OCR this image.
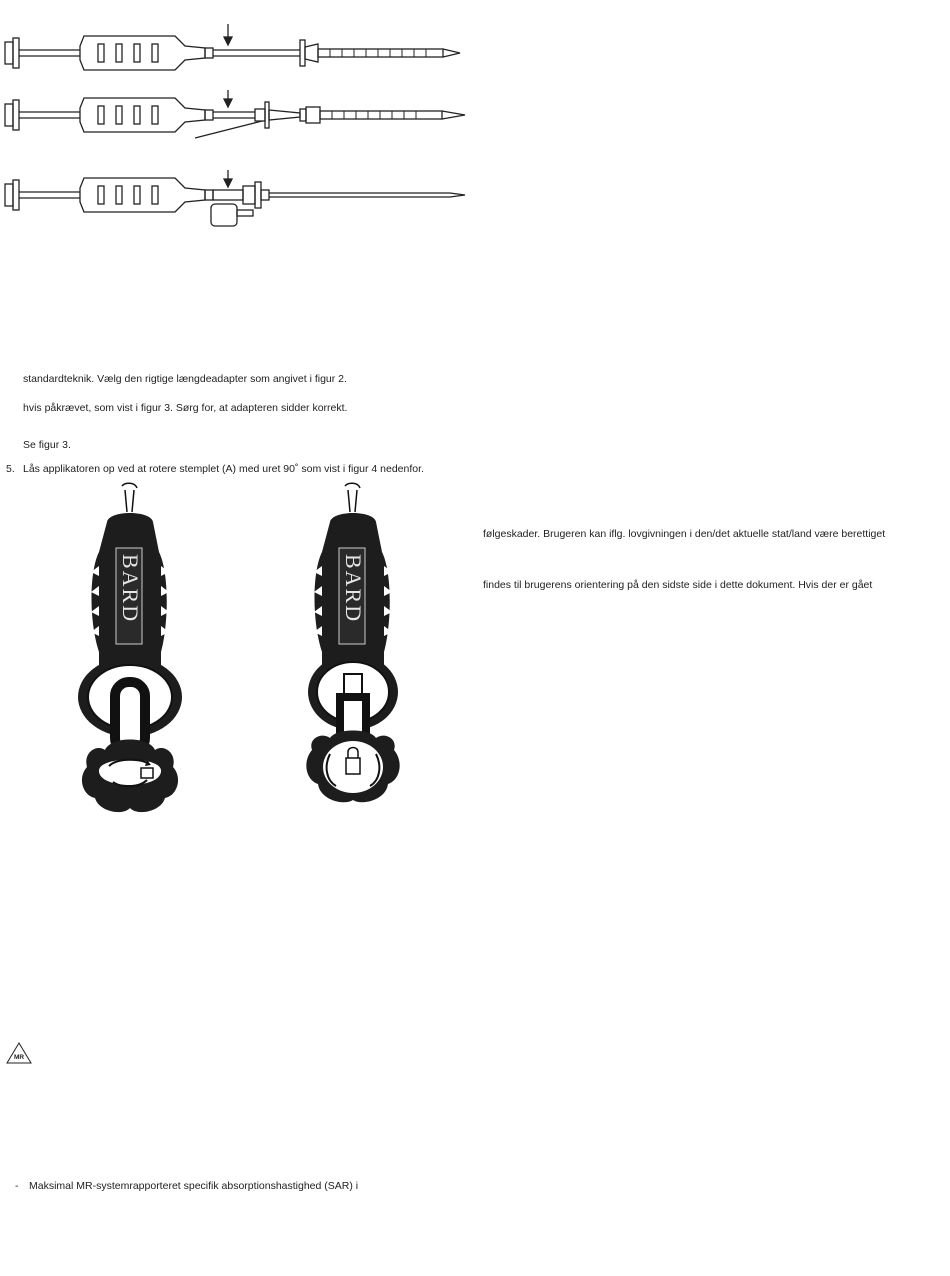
standardteknik. Vælg den rigtige længdeadapter som angivet i figur 2.
hvis påkrævet, som vist i figur 3. Sørg for, at adapteren sidder korrekt.
Se figur 3.
5. Lås applikatoren op ved at rotere stemplet (A) med uret 90˚ som vist i figur 4 nedenfor.
følgeskader. Brugeren kan iflg. lovgivningen i den/det aktuelle stat/land være berettiget
findes til brugerens orientering på den sidste side i dette dokument. Hvis der er gået
BARD	BARD
MR
- Maksimal MR-systemrapporteret specifik absorptionshastighed (SAR) i
